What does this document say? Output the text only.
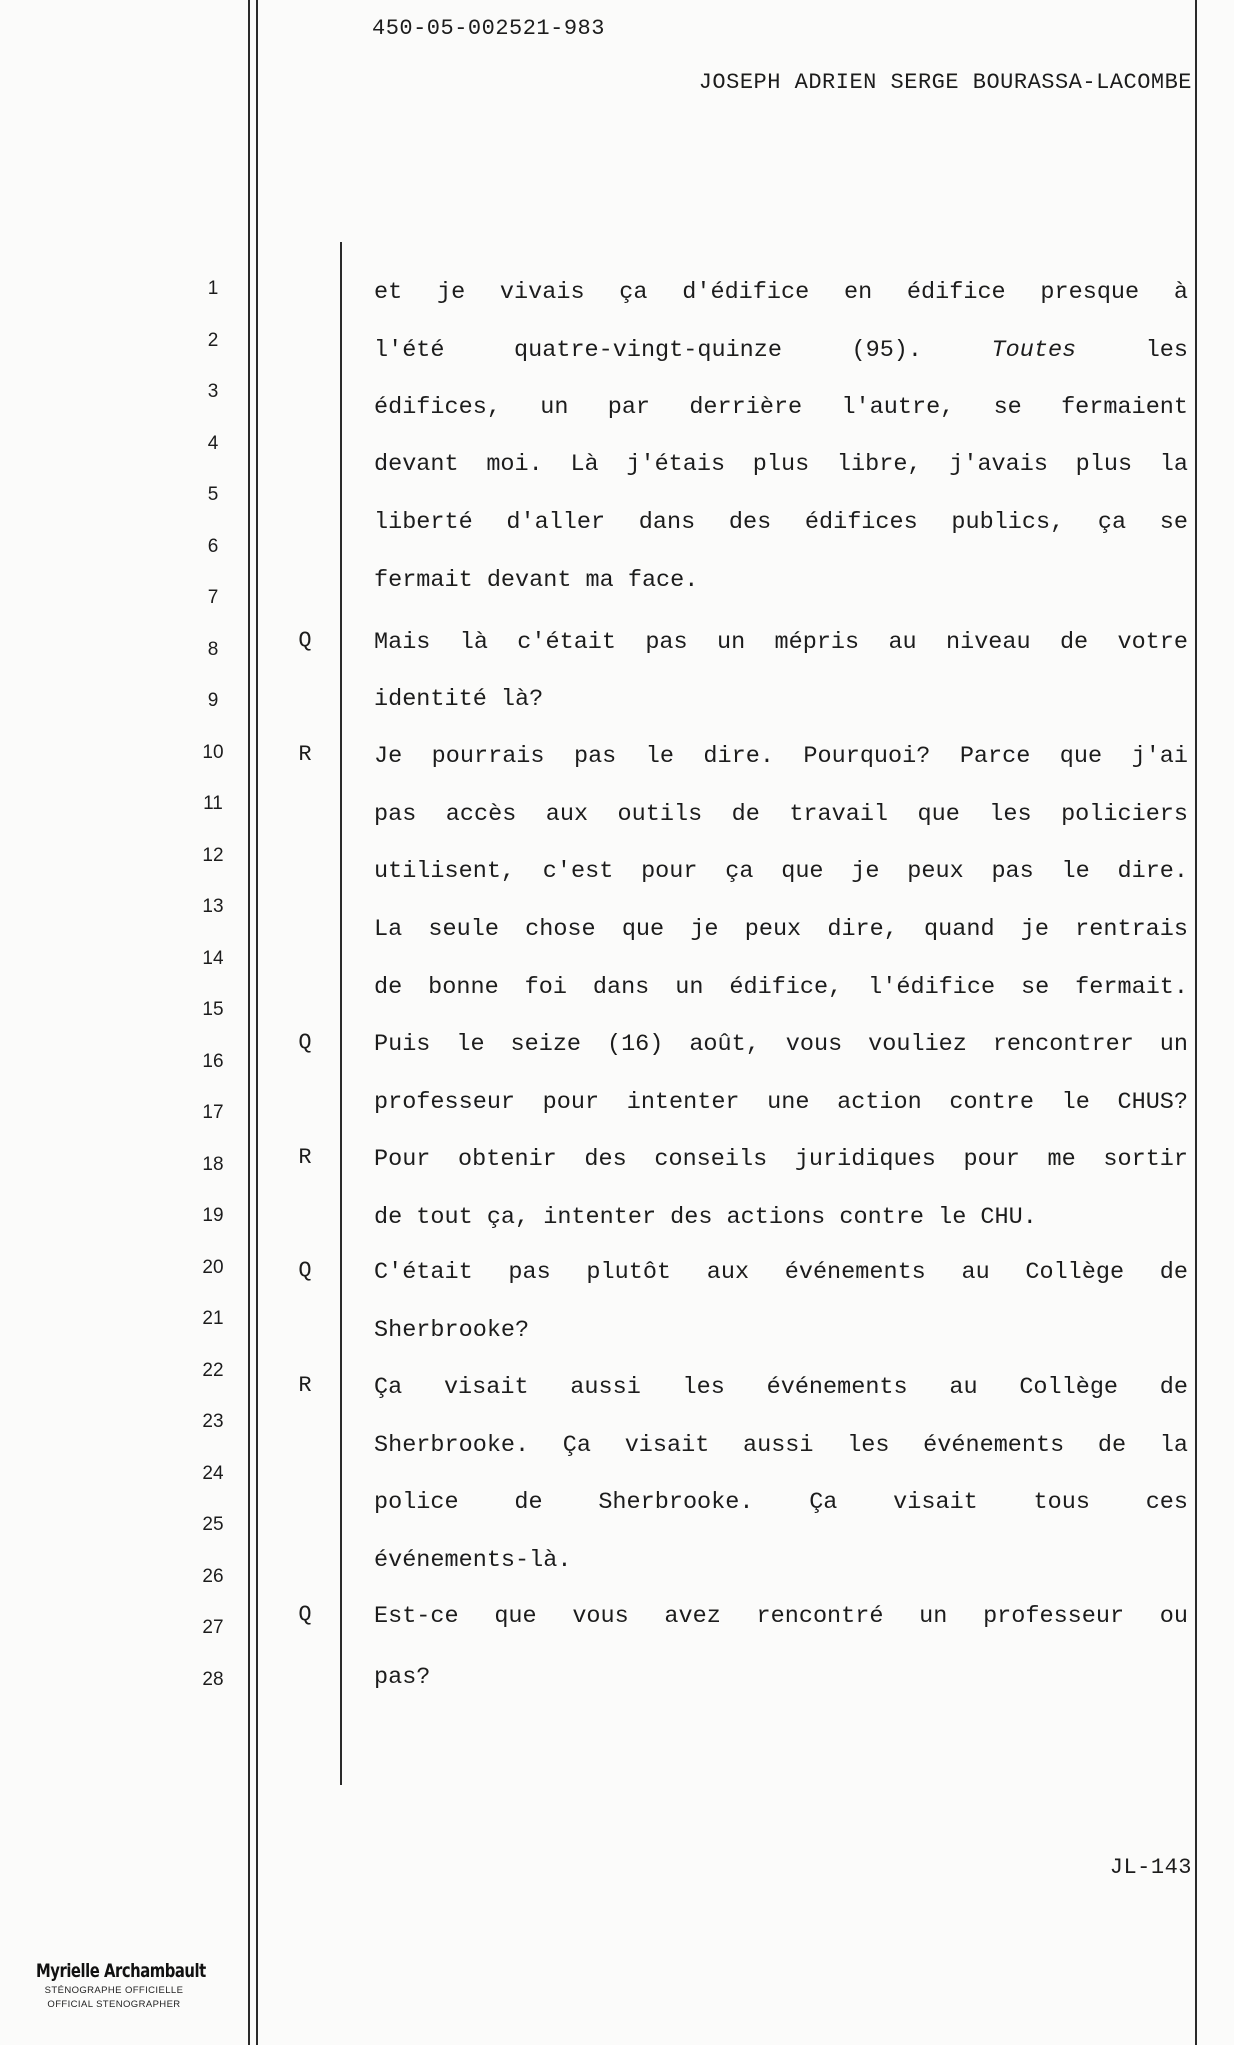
450-05-002521-983
JOSEPH ADRIEN SERGE BOURASSA-LACOMBE
1
2
3
4
5
6
7
8
9
10
11
12
13
14
15
16
17
18
19
20
21
22
23
24
25
26
27
28
Q
R
Q
R
Q
R
Q
et je vivais ça d'édifice en édifice presque à
l'été quatre-vingt-quinze (95).	Toutes	les
édifices, un par derrière l'autre, se fermaient
devant moi. Là j'étais plus libre, j'avais plus la
liberté d'aller dans des édifices publics, ça se
fermait devant ma face.
Mais là c'était pas un mépris au niveau de votre
identité là?
Je pourrais pas le dire. Pourquoi? Parce que j'ai
pas accès aux outils de travail que les policiers
utilisent, c'est pour ça que je peux pas le dire.
La seule chose que je peux dire, quand je rentrais
de bonne foi dans un édifice, l'édifice se fermait.
Puis le seize (16) août, vous vouliez rencontrer un
professeur pour intenter une action contre le CHUS?
Pour obtenir des conseils juridiques pour me sortir
de tout ça, intenter des actions contre le CHU.
C'était pas plutôt aux événements au Collège de
Sherbrooke?
Ça visait aussi les événements au Collège de
Sherbrooke. Ça visait aussi les événements de la
police de Sherbrooke. Ça visait tous ces
événements-là.
Est-ce que vous avez rencontré un professeur ou
pas?
JL-143
Myrielle Archambault
STÉNOGRAPHE OFFICIELLE
OFFICIAL STENOGRAPHER
